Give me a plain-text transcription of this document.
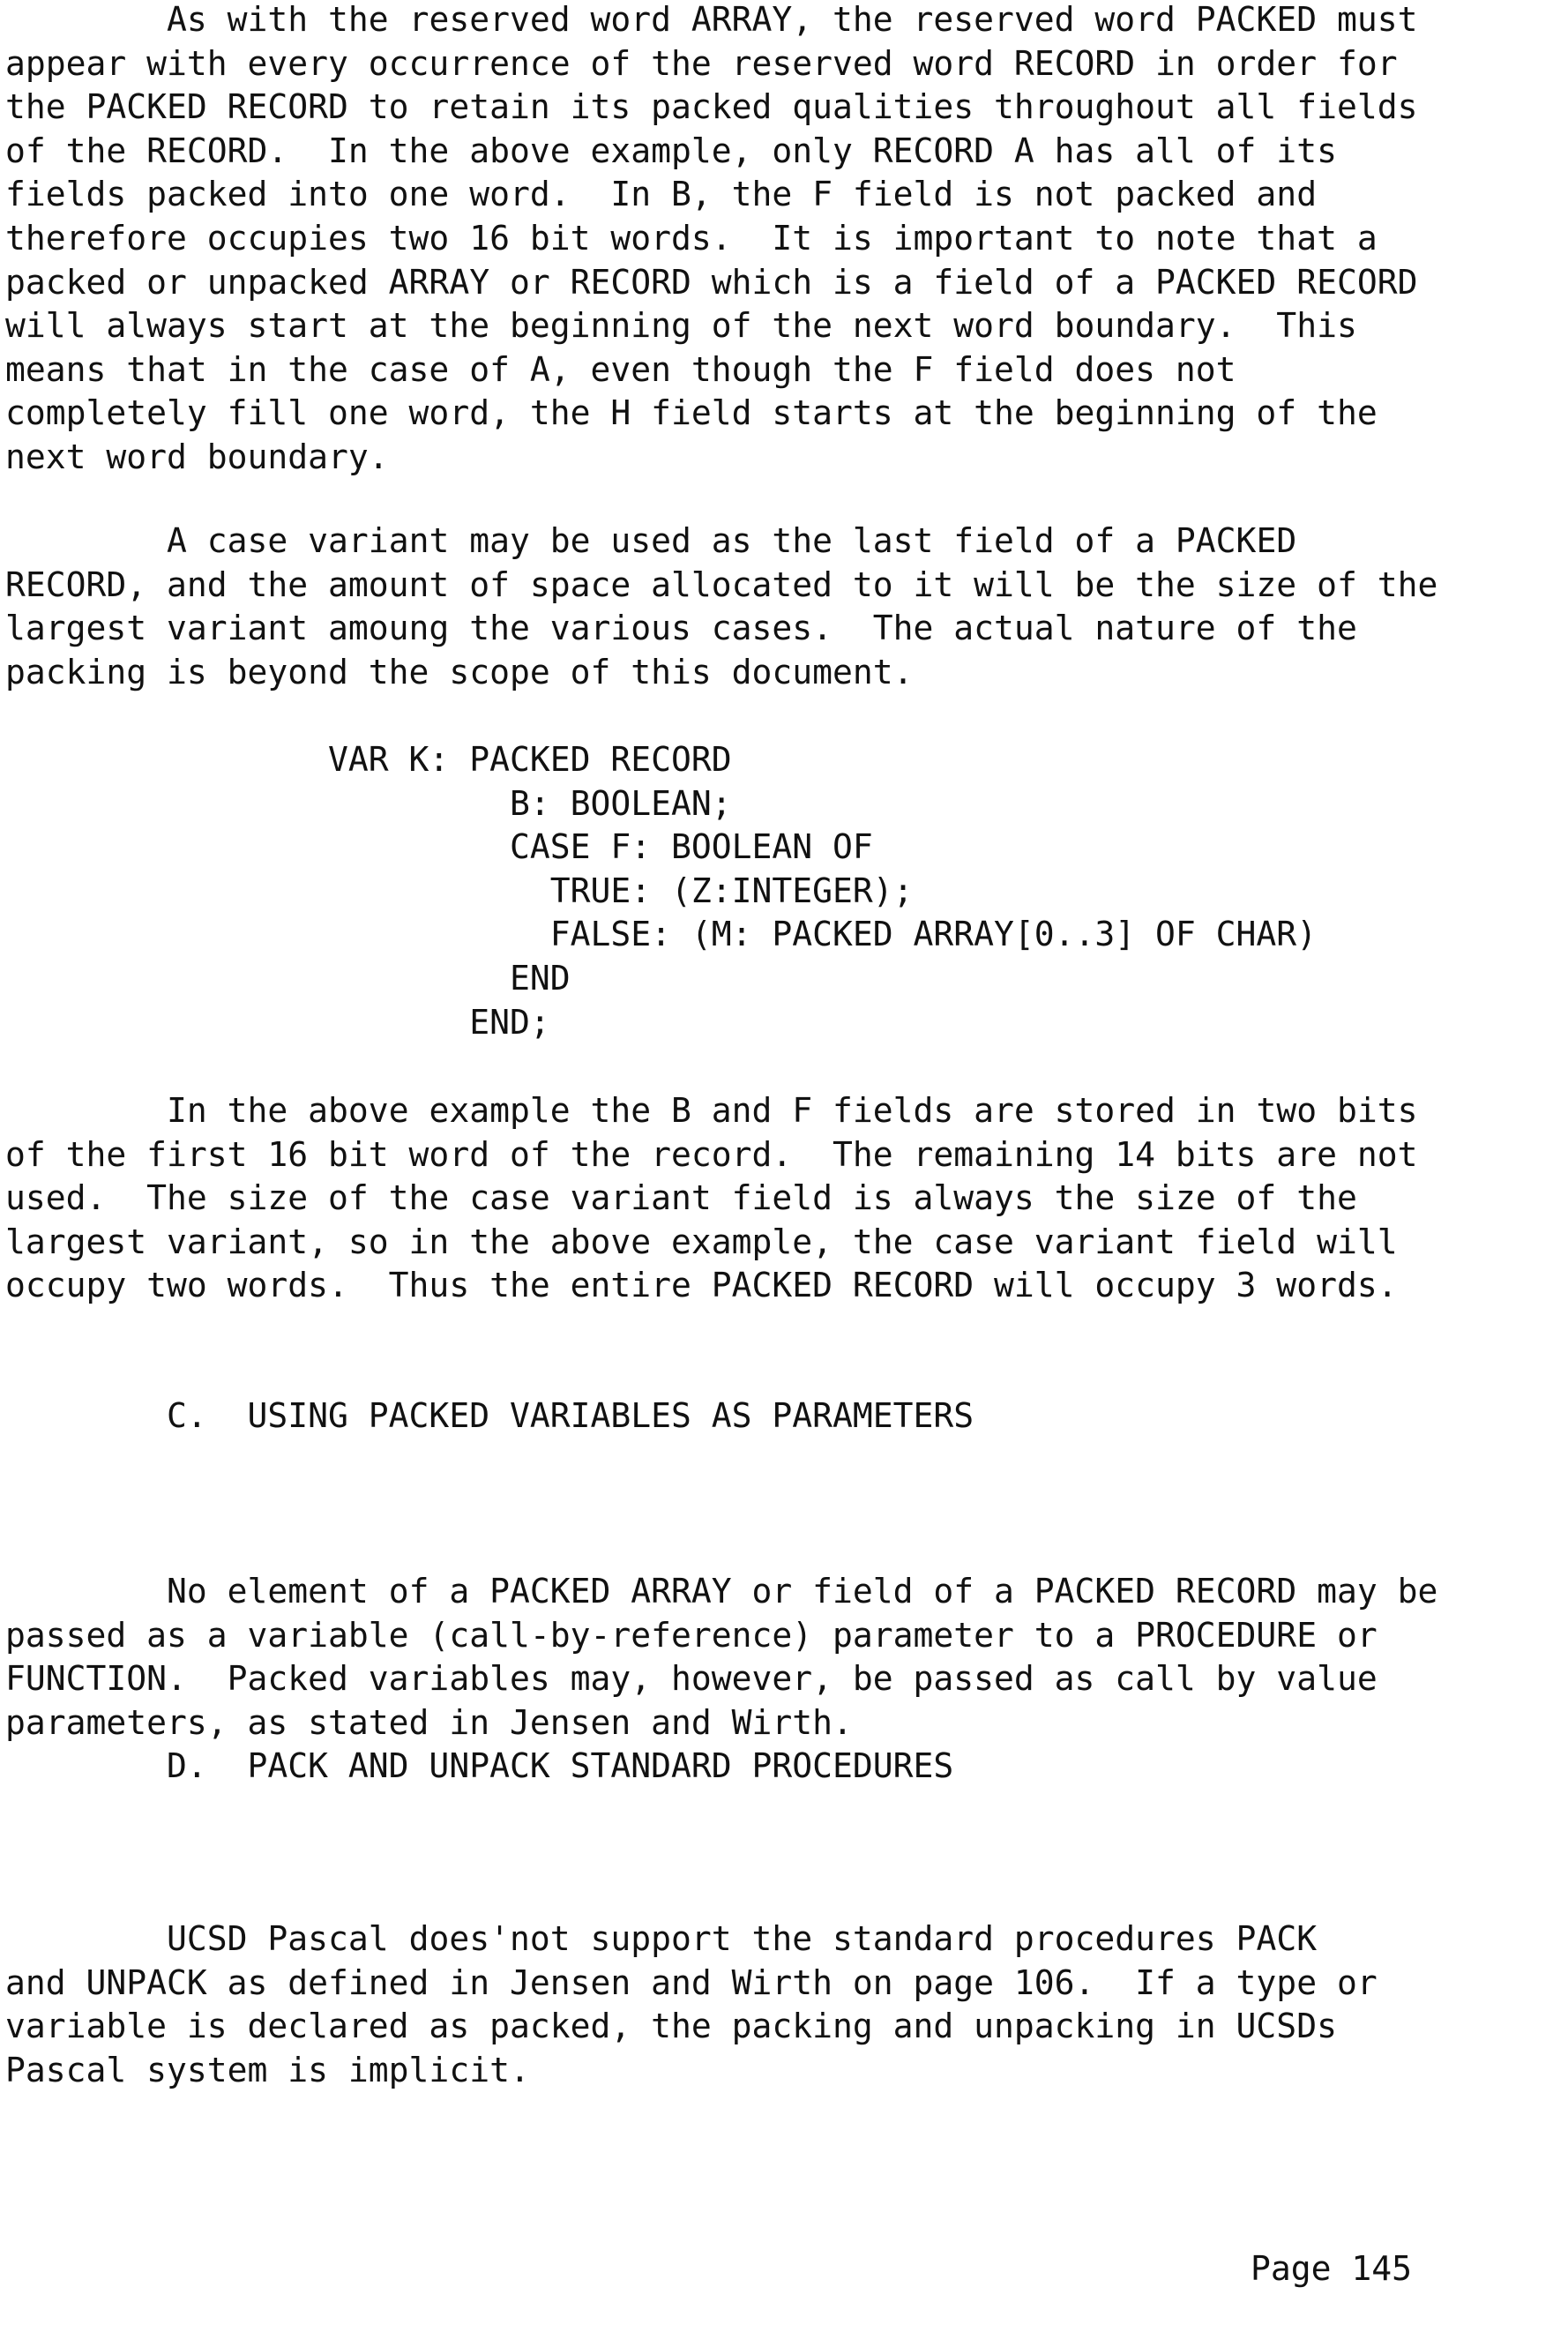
As with the reserved word ARRAY, the reserved word PACKED must
appear with every occurrence of the reserved word RECORD in order for
the PACKED RECORD to retain its packed qualities throughout all fields
of the RECORD.  In the above example, only RECORD A has all of its
fields packed into one word.  In B, the F field is not packed and
therefore occupies two 16 bit words.  It is important to note that a
packed or unpacked ARRAY or RECORD which is a field of a PACKED RECORD
will always start at the beginning of the next word boundary.  This
means that in the case of A, even though the F field does not
completely fill one word, the H field starts at the beginning of the
next word boundary.

A case variant may be used as the last field of a PACKED
RECORD, and the amount of space allocated to it will be the size of the
largest variant amoung the various cases.  The actual nature of the
packing is beyond the scope of this document.

VAR K: PACKED RECORD
B: BOOLEAN;
CASE F: BOOLEAN OF
TRUE: (Z:INTEGER);
FALSE: (M: PACKED ARRAY[0..3] OF CHAR)
END
END;

In the above example the B and F fields are stored in two bits
of the first 16 bit word of the record.  The remaining 14 bits are not
used.  The size of the case variant field is always the size of the
largest variant, so in the above example, the case variant field will
occupy two words.  Thus the entire PACKED RECORD will occupy 3 words.

C.  USING PACKED VARIABLES AS PARAMETERS

No element of a PACKED ARRAY or field of a PACKED RECORD may be
passed as a variable (call-by-reference) parameter to a PROCEDURE or
FUNCTION.  Packed variables may, however, be passed as call by value
parameters, as stated in Jensen and Wirth.

D.  PACK AND UNPACK STANDARD PROCEDURES

UCSD Pascal does'not support the standard procedures PACK
and UNPACK as defined in Jensen and Wirth on page 106.  If a type or
variable is declared as packed, the packing and unpacking in UCSDs
Pascal system is implicit.

Page 145
